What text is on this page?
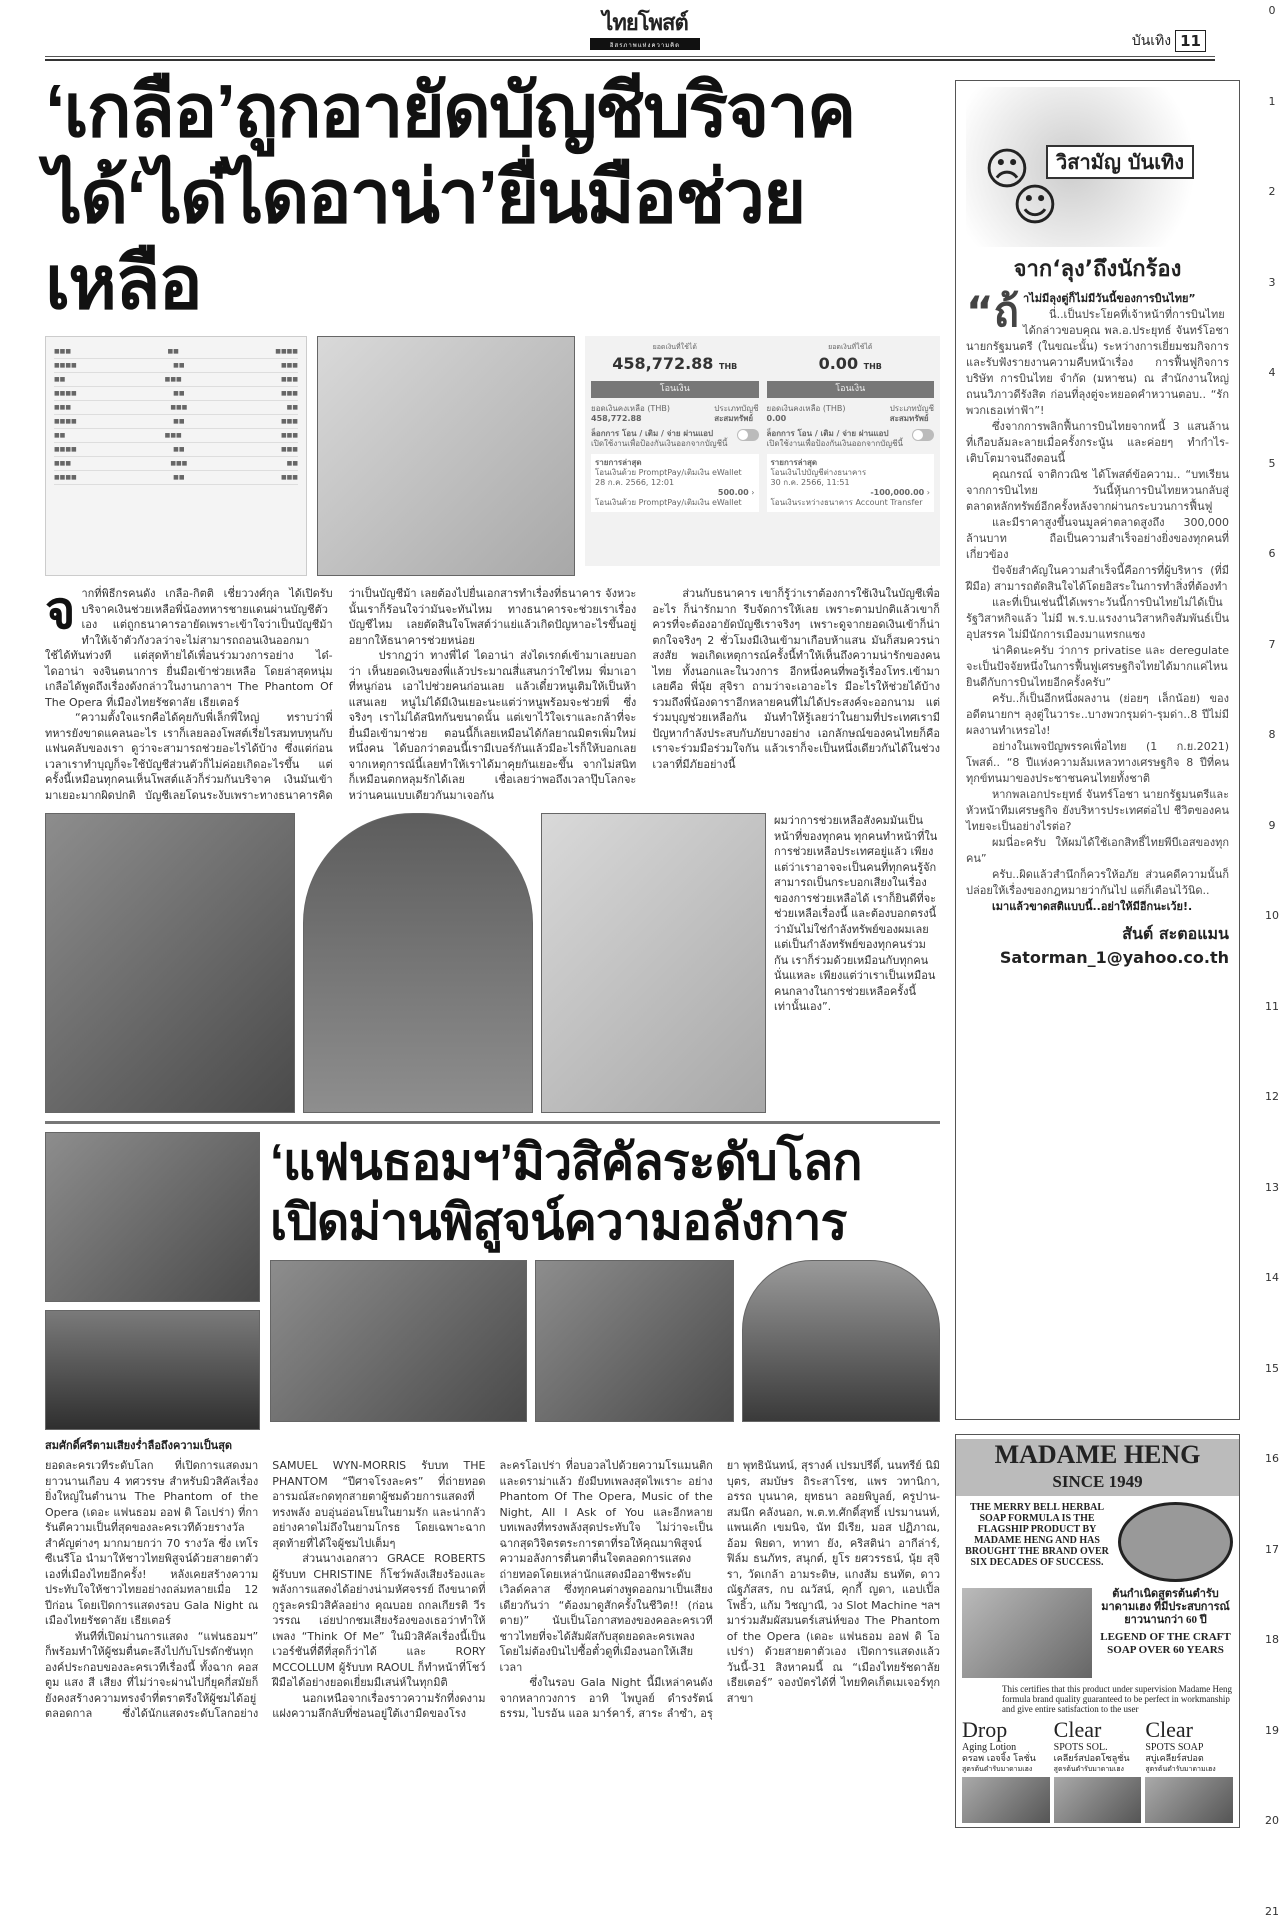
ไทยโพสต์
อิสรภาพแห่งความคิด	บันเทิง 11
0
1
2
3
4
5
6
7
8
9
10
11
12
13
14
15
16
17
18
19
20
21
‘เกลือ’ถูกอายัดบัญชีบริจาค
ได้‘ได๋ไดอาน่า’ยื่นมือช่วยเหลือ
■■■	■■	■■■■
■■■■	■■	■■■
■■	■■■	■■■
■■■■	■■	■■■
■■■	■■■	■■
■■■■	■■	■■■
■■	■■■	■■■
■■■■	■■	■■■
■■■	■■■	■■
■■■■	■■	■■■
ยอดเงินที่ใช้ได้
458,772.88 THB
โอนเงิน
ยอดเงินคงเหลือ (THB)
458,772.88
ประเภทบัญชี
สะสมทรัพย์
ล็อกการ โอน / เติม / จ่าย ผ่านแอป
เปิดใช้งานเพื่อป้องกันเงินออกจากบัญชีนี้
รายการล่าสุด
โอนเงินด้วย PromptPay/เติมเงิน eWallet
28 ก.ค. 2566, 12:01
500.00 ›
โอนเงินด้วย PromptPay/เติมเงิน eWallet
ยอดเงินที่ใช้ได้
0.00 THB
โอนเงิน
ยอดเงินคงเหลือ (THB)
0.00
ประเภทบัญชี
สะสมทรัพย์
ล็อกการ โอน / เติม / จ่าย ผ่านแอป
เปิดใช้งานเพื่อป้องกันเงินออกจากบัญชีนี้
รายการล่าสุด
โอนเงินไปบัญชีต่างธนาคาร
30 ก.ค. 2566, 11:51
-100,000.00 ›
โอนเงินระหว่างธนาคาร Account Transfer
จ ากที่พิธีกรคนดัง เกลือ-กิตติ เชี่ยววงศ์กุล ได้เปิดรับบริจาคเงินช่วยเหลือพี่น้องทหารชายแดนผ่านบัญชีตัวเอง แต่ถูกธนาคารอายัดเพราะเข้าใจว่าเป็นบัญชีม้า ทำให้เจ้าตัวกังวลว่าจะไม่สามารถถอนเงินออกมาใช้ได้ทันท่วงที แต่สุดท้ายได้เพื่อนร่วมวงการอย่าง ได๋-ไดอาน่า จงจินตนาการ ยื่นมือเข้าช่วยเหลือ โดยล่าสุดหนุ่มเกลือได้พูดถึงเรื่องดังกล่าวในงานกาลาฯ The Phantom Of The Opera ที่เมืองไทยรัชดาลัย เธียเตอร์

“ความตั้งใจแรกคือได้คุยกับพี่เล็กพี่ใหญ่ ทราบว่าพี่ทหารยังขาดแคลนอะไร เราก็เลยลองโพสต์เรี่ยไรสมทบทุนกับแฟนคลับของเรา ดูว่าจะสามารถช่วยอะไรได้บ้าง ซึ่งแต่ก่อนเวลาเราทำบุญก็จะใช้บัญชีส่วนตัวก็ไม่ค่อยเกิดอะไรขึ้น แต่ครั้งนี้เหมือนทุกคนเห็นโพสต์แล้วก็ร่วมกันบริจาค เงินมันเข้ามาเยอะมากผิดปกติ บัญชีเลยโดนระงับเพราะทางธนาคารคิดว่าเป็นบัญชีม้า เลยต้องไปยื่นเอกสารทำเรื่องที่ธนาคาร จังหวะนั้นเราก็ร้อนใจว่ามันจะทันไหม ทางธนาคารจะช่วยเราเรื่องบัญชีไหม เลยตัดสินใจโพสต์ว่าแย่แล้วเกิดปัญหาอะไรขึ้นอยู่ อยากให้ธนาคารช่วยหน่อย

ปรากฏว่า ทางพี่ได๋ ไดอาน่า ส่งไดเรกต์เข้ามาเลยบอกว่า เห็นยอดเงินของพี่แล้วประมาณสี่แสนกว่าใช่ไหม พี่มาเอาที่หนูก่อน เอาไปช่วยคนก่อนเลย แล้วเดี๋ยวหนูเติมให้เป็นห้าแสนเลย หนูไม่ได้มีเงินเยอะนะแต่ว่าหนูพร้อมจะช่วยพี่ ซึ่งจริงๆ เราไม่ได้สนิทกันขนาดนั้น แต่เขาไว้ใจเราและกล้าที่จะยื่นมือเข้ามาช่วย ตอนนี้ก็เลยเหมือนได้กัลยาณมิตรเพิ่มใหม่หนึ่งคน ได้บอกว่าตอนนี้เรามีเบอร์กันแล้วมีอะไรก็ให้บอกเลย จากเหตุการณ์นี้เลยทำให้เราได้มาคุยกันเยอะขึ้น จากไม่สนิทก็เหมือนตกหลุมรักได้เลย เชื่อเลยว่าพอถึงเวลาปุ๊บโลกจะหว่านคนแบบเดียวกันมาเจอกัน

ส่วนกับธนาคาร เขาก็รู้ว่าเราต้องการใช้เงินในบัญชีเพื่ออะไร ก็น่ารักมาก รีบจัดการให้เลย เพราะตามปกติแล้วเขาก็ควรที่จะต้องอายัดบัญชีเราจริงๆ เพราะดูจากยอดเงินเข้าก็น่าตกใจจริงๆ 2 ชั่วโมงมีเงินเข้ามาเกือบห้าแสน มันก็สมควรน่าสงสัย พอเกิดเหตุการณ์ครั้งนี้ทำให้เห็นถึงความน่ารักของคนไทย ทั้งนอกและในวงการ อีกหนึ่งคนที่พอรู้เรื่องโทร.เข้ามาเลยคือ พี่นุ้ย สุจิรา ถามว่าจะเอาอะไร มีอะไรให้ช่วยได้บ้าง รวมถึงพี่น้องดาราอีกหลายคนที่ไม่ได้ประสงค์จะออกนาม แต่ร่วมบุญช่วยเหลือกัน มันทำให้รู้เลยว่าในยามที่ประเทศเรามีปัญหากำลังประสบกับภัยบางอย่าง เอกลักษณ์ของคนไทยก็คือเราจะร่วมมือร่วมใจกัน แล้วเราก็จะเป็นหนึ่งเดียวกันได้ในช่วงเวลาที่มีภัยอย่างนี้

ผมว่าการช่วยเหลือสังคมมันเป็นหน้าที่ของทุกคน ทุกคนทำหน้าที่ในการช่วยเหลือประเทศอยู่แล้ว เพียงแต่ว่าเราอาจจะเป็นคนที่ทุกคนรู้จัก สามารถเป็นกระบอกเสียงในเรื่องของการช่วยเหลือได้ เราก็ยินดีที่จะช่วยเหลือเรื่องนี้ และต้องบอกตรงนี้ว่ามันไม่ใช่กำลังทรัพย์ของผมเลย แต่เป็นกำลังทรัพย์ของทุกคนร่วมกัน เราก็ร่วมด้วยเหมือนกับทุกคนนั่นแหละ เพียงแต่ว่าเราเป็นเหมือนคนกลางในการช่วยเหลือครั้งนี้เท่านั้นเอง”.
‘แฟนธอมฯ’มิวสิคัลระดับโลก
เปิดม่านพิสูจน์ความอลังการ
สมศักดิ์ศรีตามเสียงร่ำลือถึงความเป็นสุด
ยอดละครเวทีระดับโลก ที่เปิดการแสดงมายาวนานเกือบ 4 ทศวรรษ สำหรับมิวสิคัลเรื่องยิ่งใหญ่ในตำนาน The Phantom of the Opera (เดอะ แฟนธอม ออฟ ดิ โอเปร่า) ที่การันตีความเป็นที่สุดของละครเวทีด้วยรางวัลสำคัญต่างๆ มากมายกว่า 70 รางวัล ซึ่ง เทโร ซีเนรีโอ นำมาให้ชาวไทยพิสูจน์ด้วยสายตาตัวเองที่เมืองไทยอีกครั้ง! หลังเคยสร้างความประทับใจให้ชาวไทยอย่างถล่มทลายเมื่อ 12 ปีก่อน โดยเปิดการแสดงรอบ Gala Night ณ เมืองไทยรัชดาลัย เธียเตอร์

ทันทีที่เปิดม่านการแสดง “แฟนธอมฯ” ก็พร้อมทำให้ผู้ชมตื่นตะลึงไปกับโปรดักชันทุกองค์ประกอบของละครเวทีเรื่องนี้ ทั้งฉาก คอสตูม แสง สี เสียง ที่ไม่ว่าจะผ่านไปกี่ยุคกี่สมัยก็ยังคงสร้างความทรงจำที่ตราตรึงให้ผู้ชมได้อยู่ตลอดกาล ซึ่งได้นักแสดงระดับโลกอย่าง SAMUEL WYN-MORRIS รับบท THE PHANTOM “ปีศาจโรงละคร” ที่ถ่ายทอดอารมณ์สะกดทุกสายตาผู้ชมด้วยการแสดงที่ทรงพลัง อบอุ่นอ่อนโยนในยามรัก และน่ากลัวอย่างคาดไม่ถึงในยามโกรธ โดยเฉพาะฉากสุดท้ายที่ได้ใจผู้ชมไปเต็มๆ

ส่วนนางเอกสาว GRACE ROBERTS ผู้รับบท CHRISTINE ก็โชว์พลังเสียงร้องและพลังการแสดงได้อย่างน่ามหัศจรรย์ ถึงขนาดที่กูรูละครมิวสิคัลอย่าง คุณบอย ถกลเกียรติ วีรวรรณ เอ่ยปากชมเสียงร้องของเธอว่าทำให้เพลง “Think Of Me” ในมิวสิคัลเรื่องนี้เป็นเวอร์ชันที่ดีที่สุดก็ว่าได้ และ RORY MCCOLLUM ผู้รับบท RAOUL ก็ทำหน้าที่โชว์ฝีมือได้อย่างยอดเยี่ยมมีเสน่ห์ในทุกมิติ

นอกเหนือจากเรื่องราวความรักที่งดงามแฝงความลึกลับที่ซ่อนอยู่ใต้เงามืดของโรงละครโอเปร่า ที่อบอวลไปด้วยความโรแมนติกและดราม่าแล้ว ยังมีบทเพลงสุดไพเราะ อย่าง Phantom Of The Opera, Music of the Night, All I Ask of You และอีกหลายบทเพลงที่ทรงพลังสุดประทับใจ ไม่ว่าจะเป็นฉากสุดวิจิตรตระการตาที่รอให้คุณมาพิสูจน์ความอลังการตื่นตาตื่นใจตลอดการแสดง ถ่ายทอดโดยเหล่านักแสดงมืออาชีพระดับเวิลด์คลาส ซึ่งทุกคนต่างพูดออกมาเป็นเสียงเดียวกันว่า “ต้องมาดูสักครั้งในชีวิต!! (ก่อนตาย)” นับเป็นโอกาสทองของคอละครเวทีชาวไทยที่จะได้สัมผัสกับสุดยอดละครเพลงโดยไม่ต้องบินไปซื้อตั๋วดูที่เมืองนอกให้เสียเวลา

ซึ่งในรอบ Gala Night นี้มีเหล่าคนดังจากหลากวงการ อาทิ ไพบูลย์ ดำรงรัตน์ธรรม, ไบรอัน แอล มาร์คาร์, สาระ ลำซำ, อรุยา พุทธินันทน์, สุรางค์ เปรมปรีดิ์, นนทรีย์ นิมิบุตร, สมบัษร ถิระสาโรช, แพร วทานิกา, อรรถ บุนนาค, ยุทธนา ลอยพิบูลย์, ครูปาน-สมนึก คลังนอก, พ.ต.ท.ศักดิ์สุทธิ์ เปรมานนท์, แพนเค้ก เขมนิจ, นัท มีเรีย, มอส ปฏิภาณ, อ้อม พิยดา, ทาทา ยัง, คริสติน่า อากีล่าร์, ฟิล์ม ธนภัทร, สนุกต์, ยูโร ยศวรรธน์, นุ้ย สุจิรา, วัดเกล้า อามระดิษ, แกงส้ม ธนทัต, ดาว ณัฐภัสสร, กบ ณวัสน์, คุกกี้ ญดา, แอปเปิ้ล โพธิ้ว, แก้ม วิชญาณี, วง Slot Machine ฯลฯ มาร่วมสัมผัสมนตร์เสน่ห์ของ The Phantom of the Opera (เดอะ แฟนธอม ออฟ ดิ โอเปร่า) ด้วยสายตาตัวเอง เปิดการแสดงแล้ว วันนี้-31 สิงหาคมนี้ ณ “เมืองไทยรัชดาลัย เธียเตอร์” จองบัตรได้ที่ ไทยทิคเก็ตเมเจอร์ทุกสาขา

☹
☺
วิสามัญ บันเทิง
จาก‘ลุง’ถึงนักร้อง
“ถ้ าไม่มีลุงตู่ก็ไม่มีวันนี้ของการบินไทย”

นี่..เป็นประโยคที่เจ้าหน้าที่การบินไทยได้กล่าวขอบคุณ พล.อ.ประยุทธ์ จันทร์โอชา นายกรัฐมนตรี (ในขณะนั้น) ระหว่างการเยี่ยมชมกิจการ และรับฟังรายงานความคืบหน้าเรื่อง การฟื้นฟูกิจการ บริษัท การบินไทย จำกัด (มหาชน) ณ สำนักงานใหญ่ ถนนวิภาวดีรังสิต ก่อนที่ลุงตู่จะหยอดคำหวานตอบ.. “รักพวกเธอเท่าฟ้า”!

ซึ่งจากการพลิกฟื้นการบินไทยจากหนี้ 3 แสนล้าน ที่เกือบล้มละลายเมื่อครั้งกระนู้น และค่อยๆ ทำกำไร-เติบโตมาจนถึงตอนนี้

คุณกรณ์ จาติกวณิช ได้โพสต์ข้อความ.. “บทเรียนจากการบินไทย วันนี้หุ้นการบินไทยหวนกลับสู่ตลาดหลักทรัพย์อีกครั้งหลังจากผ่านกระบวนการฟื้นฟู

และมีราคาสูงขึ้นจนมูลค่าตลาดสูงถึง 300,000 ล้านบาท ถือเป็นความสำเร็จอย่างยิ่งของทุกคนที่เกี่ยวข้อง

ปัจจัยสำคัญในความสำเร็จนี้คือการที่ผู้บริหาร (ที่มีฝีมือ) สามารถตัดสินใจได้โดยอิสระในการทำสิ่งที่ต้องทำ

และที่เป็นเช่นนี้ได้เพราะวันนี้การบินไทยไม่ได้เป็นรัฐวิสาหกิจแล้ว ไม่มี พ.ร.บ.แรงงานวิสาหกิจสัมพันธ์เป็นอุปสรรค ไม่มีนักการเมืองมาแทรกแซง

น่าคิดนะครับ ว่าการ privatise และ deregulate จะเป็นปัจจัยหนึ่งในการฟื้นฟูเศรษฐกิจไทยได้มากแค่ไหน ยินดีกับการบินไทยอีกครั้งครับ”

ครับ..ก็เป็นอีกหนึ่งผลงาน (ย่อยๆ เล็กน้อย) ของอดีตนายกฯ ลุงตู่ในวาระ..บางพวกรุมด่า-รุมด่า..8 ปีไม่มีผลงานทำเหรอไง!

อย่างในเพจปัญพรรคเพื่อไทย (1 ก.ย.2021) โพสต์.. “8 ปีแห่งความล้มเหลวทางเศรษฐกิจ 8 ปีที่คนทุกข์ทนมาของประชาชนคนไทยทั้งชาติ

หากพลเอกประยุทธ์ จันทร์โอชา นายกรัฐมนตรีและหัวหน้าทีมเศรษฐกิจ ยังบริหารประเทศต่อไป ชีวิตของคนไทยจะเป็นอย่างไรต่อ?

ผมนี่อะครับ ให้ผมได้ใช้เอกสิทธิ์ไทยพีบีเอสของทุกคน”

ครับ..ผิดแล้วสำนึกก็ควรให้อภัย ส่วนคดีความนั้นก็ปล่อยให้เรื่องของกฎหมายว่ากันไป แต่ก็เตือนไว้นิด..

เมาแล้วขาดสติแบบนี้..อย่าให้มีอีกนะเว้ย!.

สันต์ สะตอแมน
Satorman_1@yahoo.co.th
MADAME HENG
SINCE 1949
THE MERRY BELL HERBAL SOAP FORMULA IS THE FLAGSHIP PRODUCT BY MADAME HENG AND HAS BROUGHT THE BRAND OVER SIX DECADES OF SUCCESS.
ต้นกำเนิดสูตรต้นตำรับ มาดามเฮง ที่มีประสบการณ์ยาวนานกว่า 60 ปี
LEGEND OF THE CRAFT SOAP OVER 60 YEARS
This certifies that this product under supervision Madame Heng formula brand quality guaranteed to be perfect in workmanship and give entire satisfaction to the user
Drop
Aging Lotion
ดรอพ เอจจิ้ง โลชั่น
สูตรต้นตำรับมาดามเฮง
Clear
SPOTS SOL.
เคลียร์สปอตโซลูชั่น
สูตรต้นตำรับมาดามเฮง
Clear
SPOTS SOAP
สบู่เคลียร์สปอต
สูตรต้นตำรับมาดามเฮง
